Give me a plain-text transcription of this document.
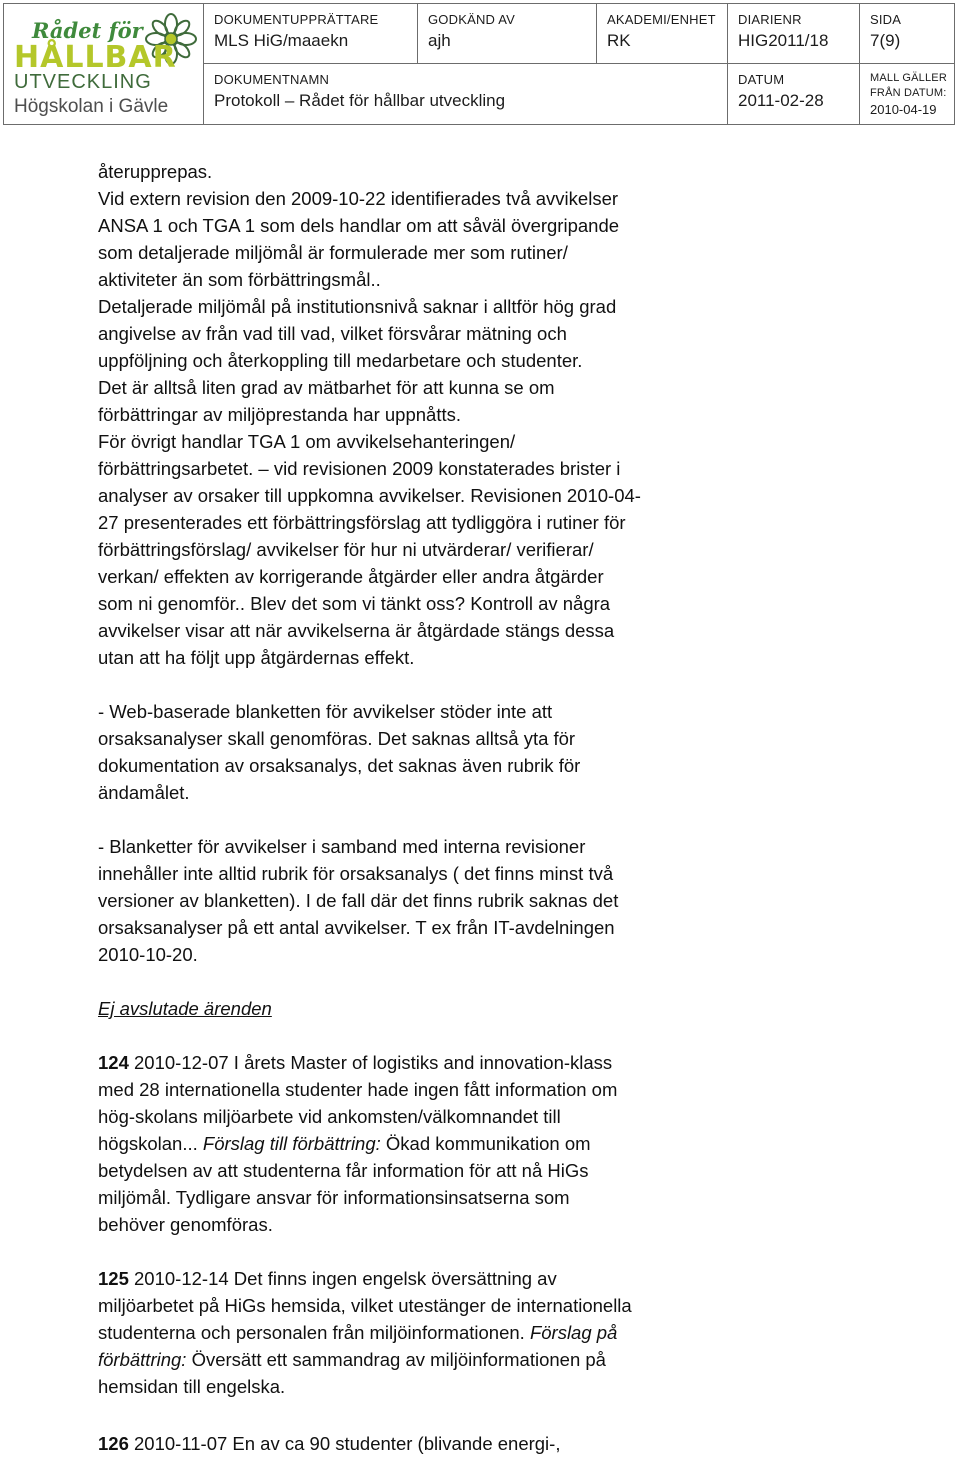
Rådet för
HÅLLBAR
UTVECKLING
Högskolan i Gävle
DOKUMENTUPPRÄTTARE
MLS HiG/maaekn
GODKÄND AV
ajh
AKADEMI/ENHET
RK
DIARIENR
HIG2011/18
SIDA
7(9)
DOKUMENTNAMN
Protokoll – Rådet för hållbar utveckling
DATUM
2011-02-28
MALL GÄLLER
FRÅN DATUM:
2010-04-19
återupprepas.
Vid extern revision den 2009-10-22 identifierades två avvikelser
ANSA 1 och TGA 1 som dels handlar om att såväl övergripande
som detaljerade miljömål är formulerade mer som rutiner/
aktiviteter än som förbättringsmål..
Detaljerade miljömål på institutionsnivå saknar i alltför hög grad
angivelse av från vad till vad, vilket försvårar mätning och
uppföljning och återkoppling till medarbetare och studenter.
Det är alltså liten grad av mätbarhet för att kunna se om
förbättringar av miljöprestanda har uppnåtts.
För övrigt handlar TGA 1 om avvikelsehanteringen/
förbättringsarbetet. – vid revisionen 2009 konstaterades brister i
analyser av orsaker till uppkomna avvikelser. Revisionen 2010-04-
27 presenterades ett förbättringsförslag att tydliggöra i rutiner för
förbättringsförslag/ avvikelser för hur ni utvärderar/ verifierar/
verkan/ effekten av korrigerande åtgärder eller andra åtgärder
som ni genomför.. Blev det som vi tänkt oss? Kontroll av några
avvikelser visar att när avvikelserna är åtgärdade stängs dessa
utan att ha följt upp åtgärdernas effekt.
- Web-baserade blanketten för avvikelser stöder inte att
orsaksanalyser skall genomföras. Det saknas alltså yta för
dokumentation av orsaksanalys, det saknas även rubrik för
ändamålet.
- Blanketter för avvikelser i samband med interna revisioner
innehåller inte alltid rubrik för orsaksanalys ( det finns minst två
versioner av blanketten). I de fall där det finns rubrik saknas det
orsaksanalyser på ett antal avvikelser. T ex från IT-avdelningen
2010-10-20.
Ej avslutade ärenden
124 2010-12-07 I årets Master of logistiks and innovation-klass
med 28 internationella studenter hade ingen fått information om
hög-skolans miljöarbete vid ankomsten/välkomnandet till
högskolan... Förslag till förbättring: Ökad kommunikation om
betydelsen av att studenterna får information för att nå HiGs
miljömål. Tydligare ansvar för informationsinsatserna som
behöver genomföras.
125 2010-12-14 Det finns ingen engelsk översättning av
miljöarbetet på HiGs hemsida, vilket utestänger de internationella
studenterna och personalen från miljöinformationen. Förslag på
förbättring: Översätt ett sammandrag av miljöinformationen på
hemsidan till engelska.
126 2010-11-07 En av ca 90 studenter (blivande energi-,
